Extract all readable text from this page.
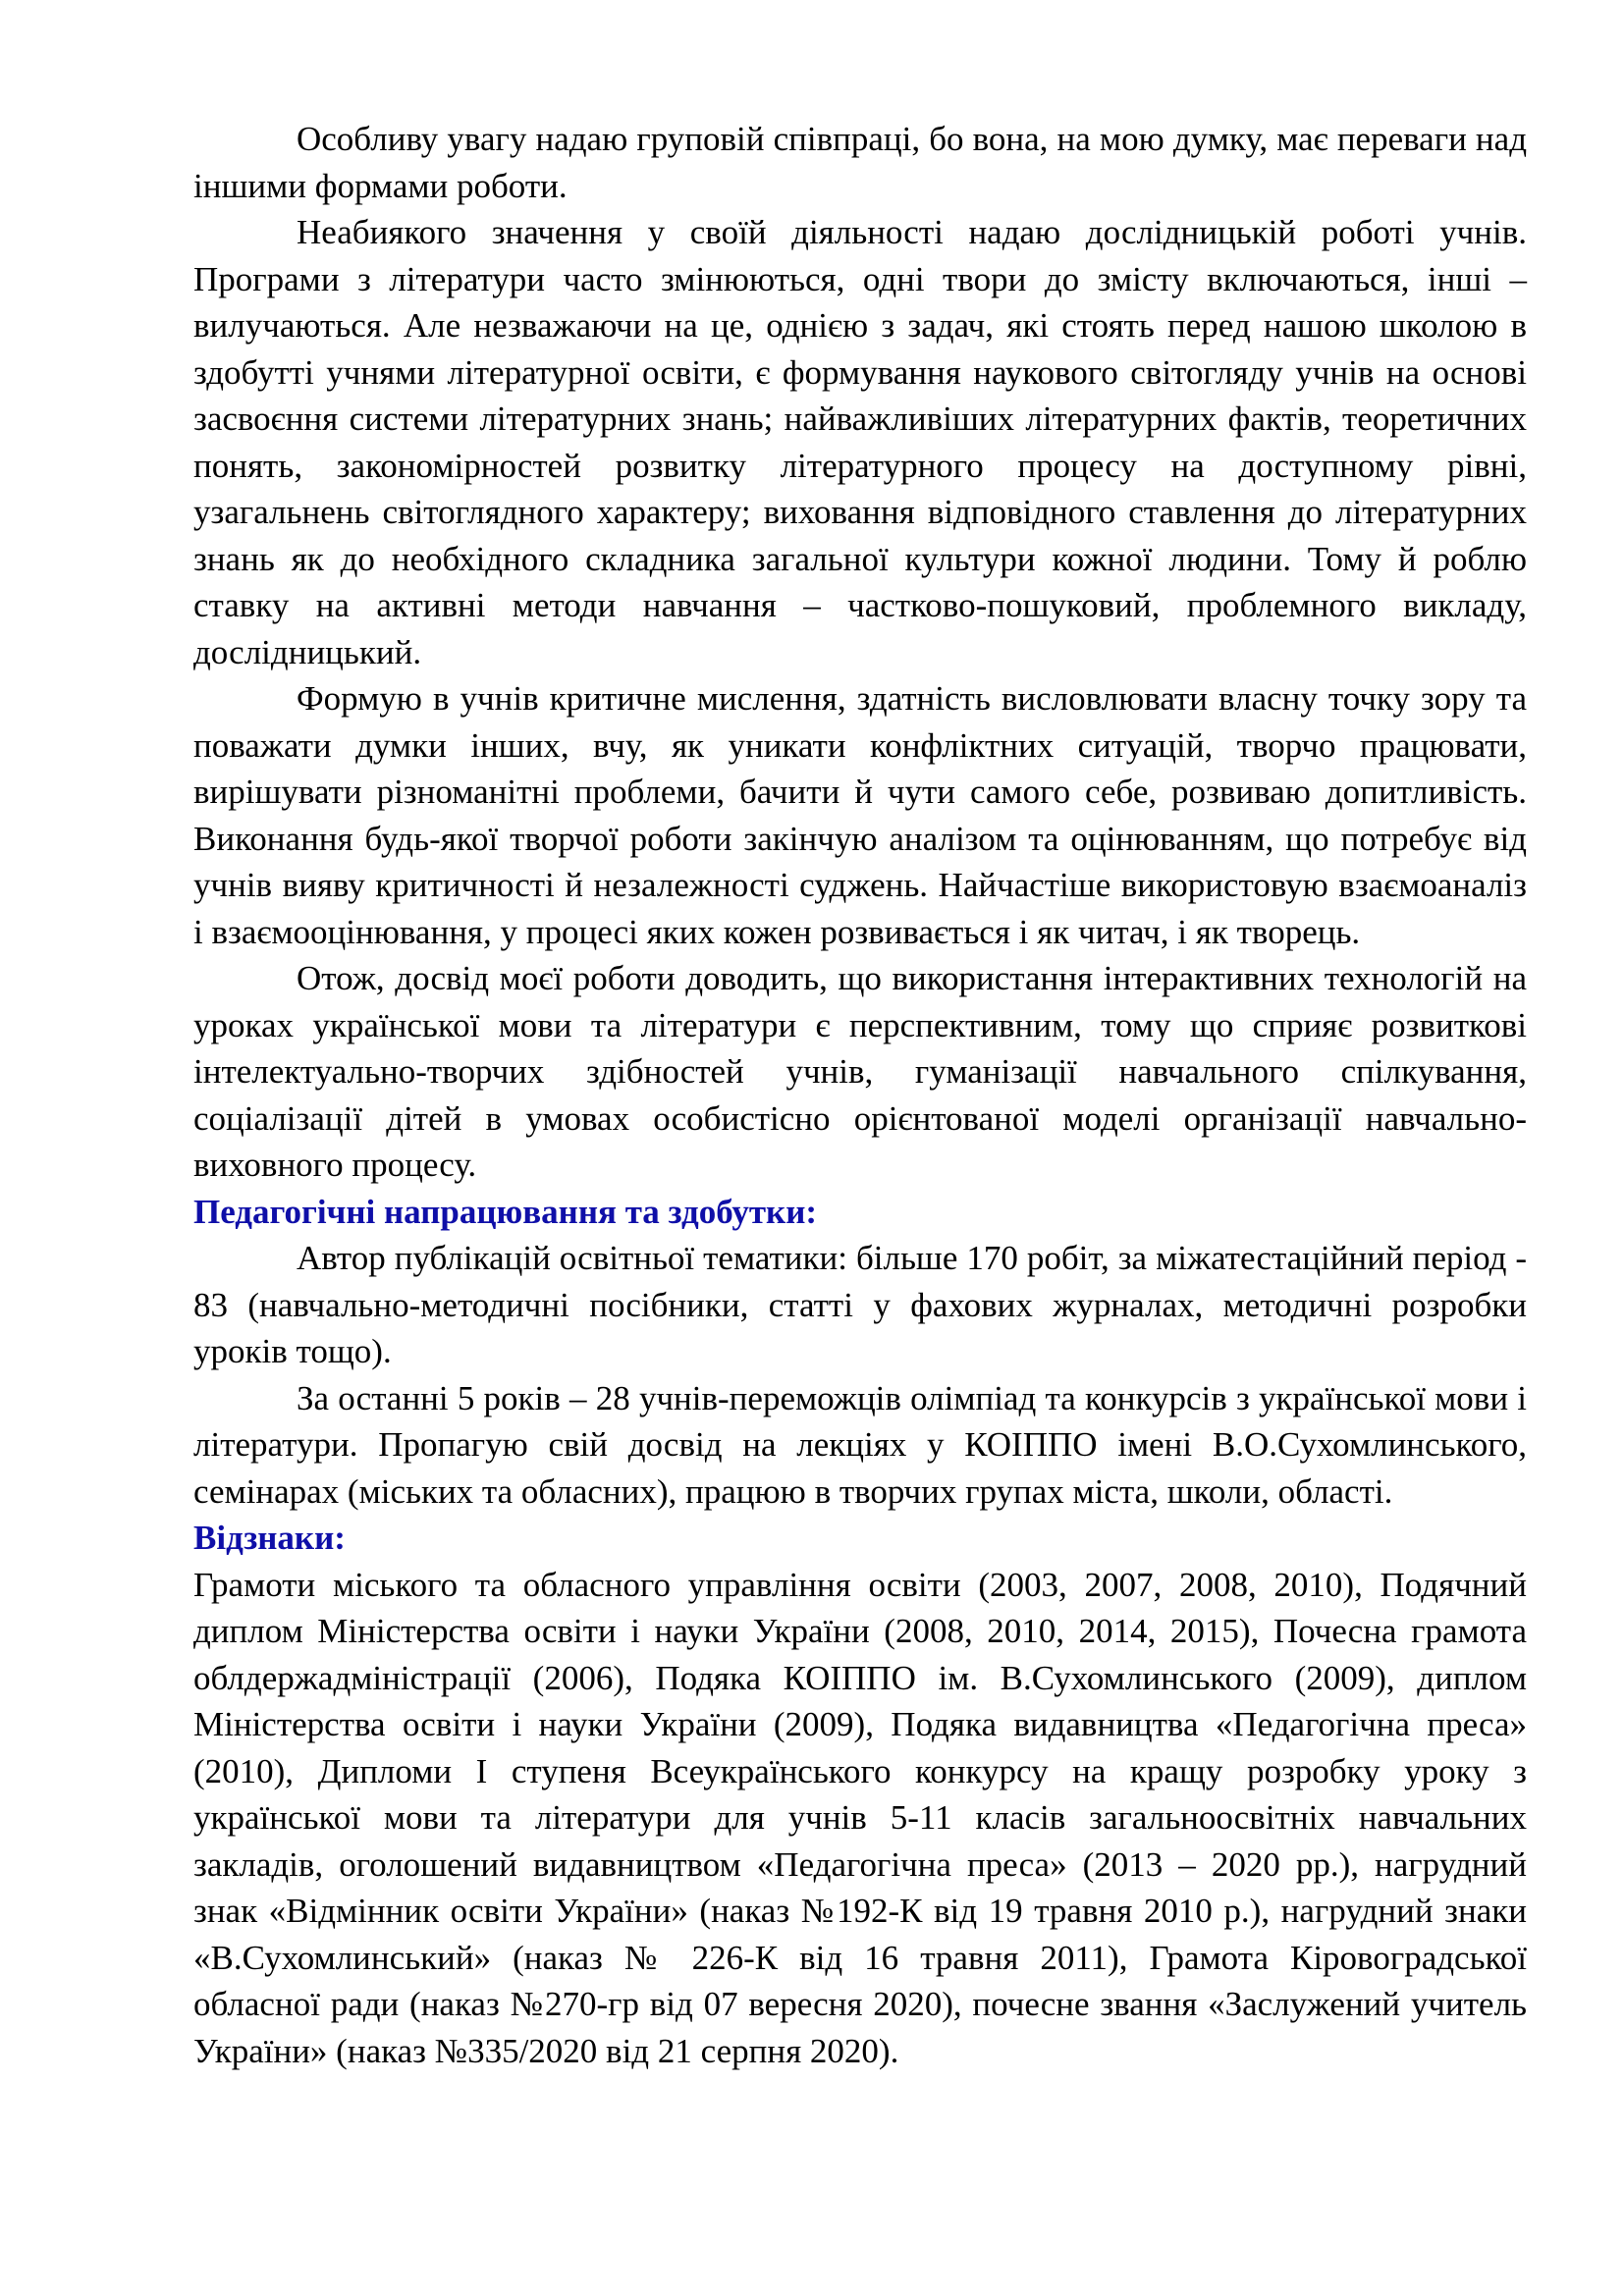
Особливу увагу надаю груповій співпраці, бо вона, на мою думку, має переваги над іншими формами роботи.

Неабиякого значення у своїй діяльності надаю дослідницькій роботі учнів. Програми з літератури часто змінюються, одні твори до змісту включаються, інші – вилучаються. Але незважаючи на це, однією з задач, які стоять перед нашою школою в здобутті учнями літературної освіти, є формування наукового світогляду учнів на основі засвоєння системи літературних знань; найважливіших літературних фактів, теоретичних понять, закономірностей розвитку літературного процесу на доступному рівні, узагальнень світоглядного характеру; виховання відповідного ставлення до літературних знань як до необхідного складника загальної культури кожної людини. Тому й роблю ставку на активні методи навчання – частково-пошуковий, проблемного викладу, дослідницький.

Формую в учнів критичне мислення, здатність висловлювати власну точку зору та поважати думки інших, вчу, як уникати конфліктних ситуацій, творчо працювати, вирішувати різноманітні проблеми, бачити й чути самого себе, розвиваю допитливість. Виконання будь-якої творчої роботи закінчую аналізом та оцінюванням, що потребує від учнів вияву критичності й незалежності суджень. Найчастіше використовую взаємоаналіз і взаємооцінювання, у процесі яких кожен розвивається і як читач, і як творець.

Отож, досвід моєї роботи доводить, що використання інтерактивних технологій на уроках української мови та літератури є перспективним, тому що сприяє розвиткові інтелектуально-творчих здібностей учнів, гуманізації навчального спілкування, соціалізації дітей в умовах особистісно орієнтованої моделі організації навчально-виховного процесу.

Педагогічні напрацювання та здобутки:

Автор публікацій освітньої тематики: більше 170 робіт, за міжатестаційний період - 83 (навчально-методичні посібники, статті у фахових журналах, методичні розробки уроків тощо).

За останні 5 років – 28 учнів-переможців олімпіад та конкурсів з української мови і літератури. Пропагую свій досвід на лекціях у КОІППО імені В.О.Сухомлинського, семінарах (міських та обласних), працюю в творчих групах міста, школи, області.

Відзнаки:

Грамоти міського та обласного управління освіти (2003, 2007, 2008, 2010), Подячний диплом Міністерства освіти і науки України (2008, 2010, 2014, 2015), Почесна грамота облдержадміністрації (2006), Подяка КОІППО ім. В.Сухомлинського (2009), диплом Міністерства освіти і науки України (2009), Подяка видавництва «Педагогічна преса» (2010), Дипломи І ступеня Всеукраїнського конкурсу на кращу розробку уроку з української мови та літератури для учнів 5-11 класів загальноосвітніх навчальних закладів, оголошений видавництвом «Педагогічна преса» (2013 – 2020 рр.), нагрудний знак «Відмінник освіти України» (наказ №192-К від 19 травня 2010 р.), нагрудний знаки «В.Сухомлинський» (наказ № 226-К від 16 травня 2011), Грамота Кіровоградської обласної ради (наказ №270-гр від 07 вересня 2020), почесне звання «Заслужений учитель України» (наказ №335/2020 від 21 серпня 2020).
